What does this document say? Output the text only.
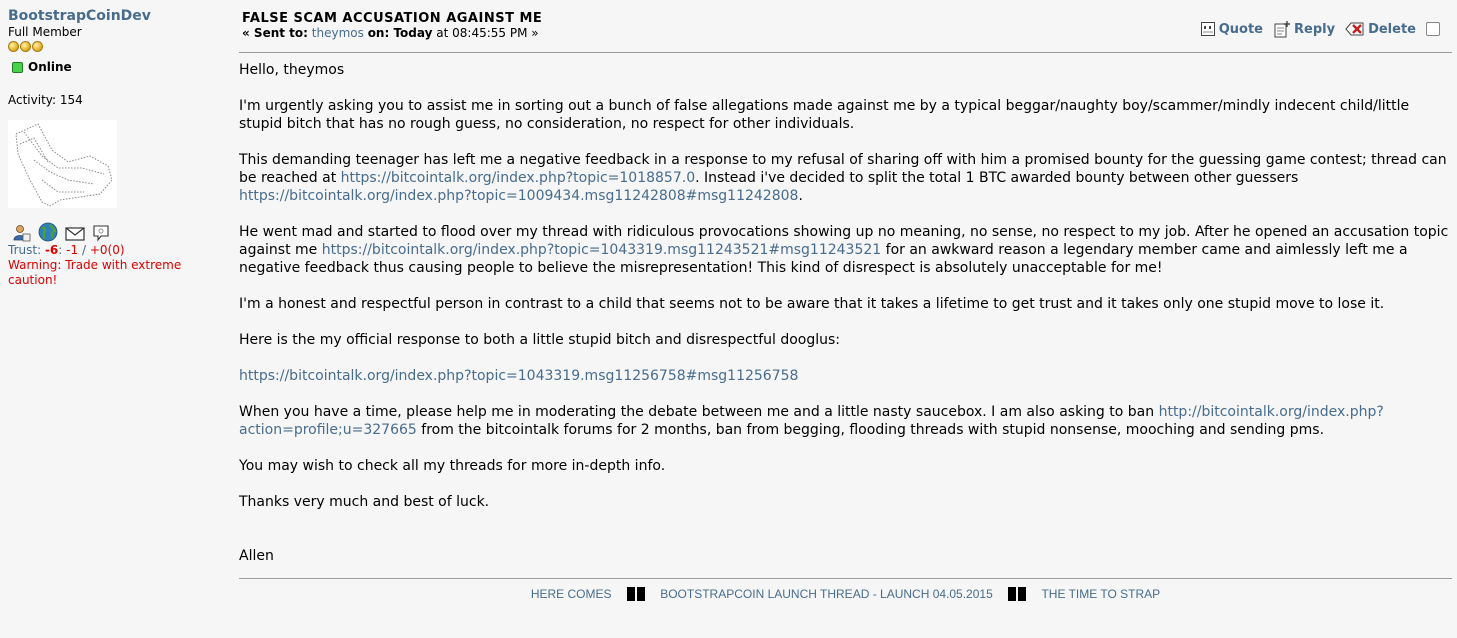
BootstrapCoinDev
Full Member
Online
Activity: 154
Trust: -6: -1 / +0(0)
Warning: Trade with extreme caution!
FALSE SCAM ACCUSATION AGAINST ME
« Sent to: theymos on: Today at 08:45:55 PM »	Quote Reply	Delete

Hello, theymos

I'm urgently asking you to assist me in sorting out a bunch of false allegations made against me by a typical beggar/naughty boy/scammer/mindly indecent child/little stupid bitch that has no rough guess, no consideration, no respect for other individuals.

This demanding teenager has left me a negative feedback in a response to my refusal of sharing off with him a promised bounty for the guessing game contest; thread can be reached at https://bitcointalk.org/index.php?topic=1018857.0. Instead i've decided to split the total 1 BTC awarded bounty between other guessers https://bitcointalk.org/index.php?topic=1009434.msg11242808#msg11242808.

He went mad and started to flood over my thread with ridiculous provocations showing up no meaning, no sense, no respect to my job. After he opened an accusation topic against me https://bitcointalk.org/index.php?topic=1043319.msg11243521#msg11243521 for an awkward reason a legendary member came and aimlessly left me a negative feedback thus causing people to believe the misrepresentation! This kind of disrespect is absolutely unacceptable for me!

I'm a honest and respectful person in contrast to a child that seems not to be aware that it takes a lifetime to get trust and it takes only one stupid move to lose it.

Here is the my official response to both a little stupid bitch and disrespectful dooglus:

https://bitcointalk.org/index.php?topic=1043319.msg11256758#msg11256758

When you have a time, please help me in moderating the debate between me and a little nasty saucebox. I am also asking to ban http://bitcointalk.org/index.php?action=profile;u=327665 from the bitcointalk forums for 2 months, ban from begging, flooding threads with stupid nonsense, mooching and sending pms.

You may wish to check all my threads for more in-depth info.

Thanks very much and best of luck.

Allen

HERE COMES	BOOTSTRAPCOIN LAUNCH THREAD - LAUNCH 04.05.2015	THE TIME TO STRAP
